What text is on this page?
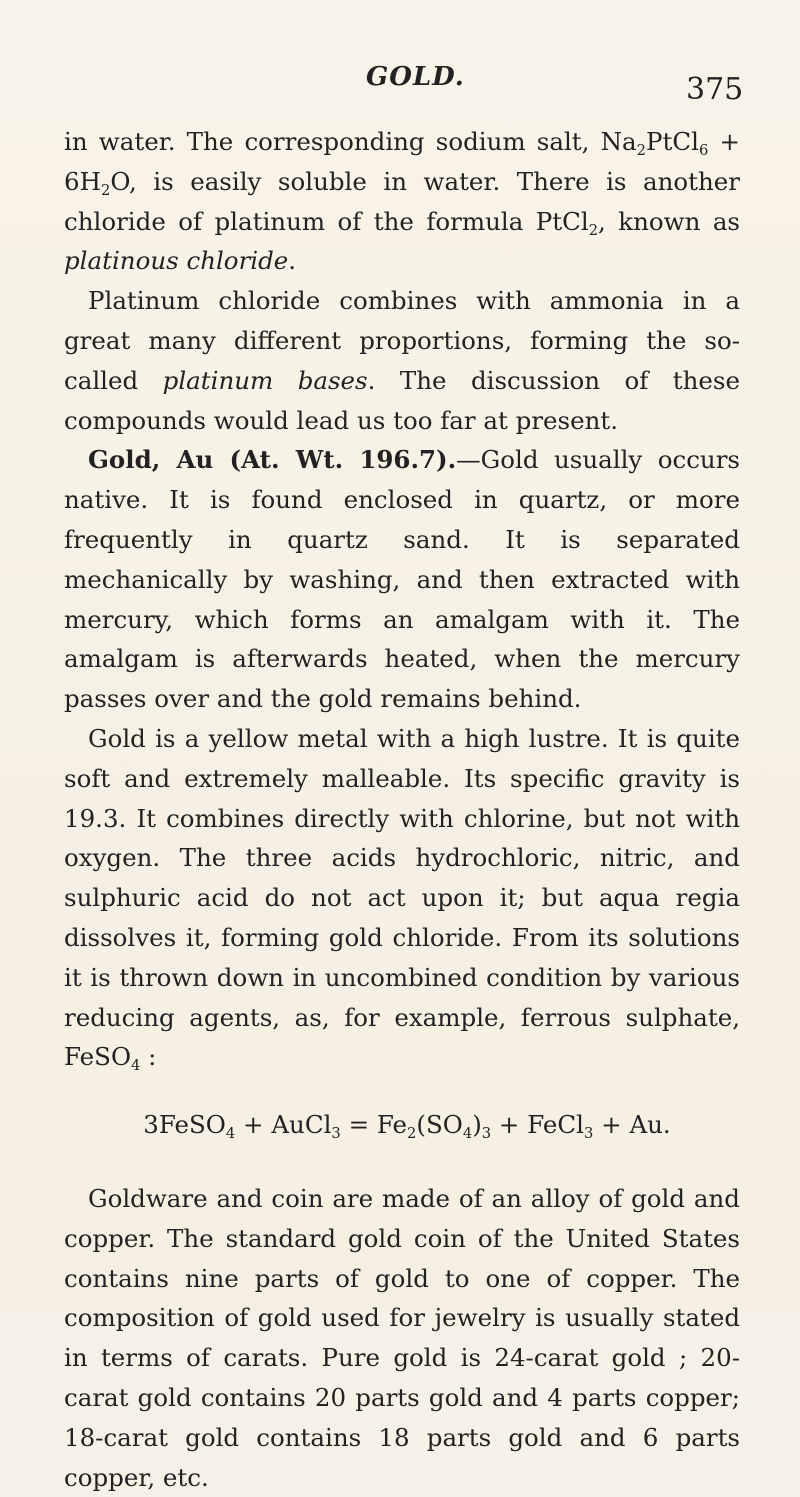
GOLD.	375

in water. The corresponding sodium salt, $Na_2PtCl_6 + 6H_2O$, is easily soluble in water. There is another chloride of platinum of the formula PtCl$_2$, known as platinous chloride.

Platinum chloride combines with ammonia in a great many different proportions, forming the so-called platinum bases. The discussion of these compounds would lead us too far at present.

Gold, Au (At. Wt. 196.7).—Gold usually occurs native. It is found enclosed in quartz, or more frequently in quartz sand. It is separated mechanically by washing, and then extracted with mercury, which forms an amalgam with it. The amalgam is afterwards heated, when the mercury passes over and the gold remains behind.

Gold is a yellow metal with a high lustre. It is quite soft and extremely malleable. Its specific gravity is 19.3. It combines directly with chlorine, but not with oxygen. The three acids hydrochloric, nitric, and sulphuric acid do not act upon it; but aqua regia dissolves it, forming gold chloride. From its solutions it is thrown down in uncombined condition by various reducing agents, as, for example, ferrous sulphate, FeSO$_4$ :

3FeSO$_4$ + AuCl$_3$ = $Fe_2(SO_4)_3$ + FeCl$_3$ + Au.

Goldware and coin are made of an alloy of gold and copper. The standard gold coin of the United States contains nine parts of gold to one of copper. The composition of gold used for jewelry is usually stated in terms of carats. Pure gold is 24-carat gold ; 20-carat gold contains 20 parts gold and 4 parts copper; 18-carat gold contains 18 parts gold and 6 parts copper, etc.
